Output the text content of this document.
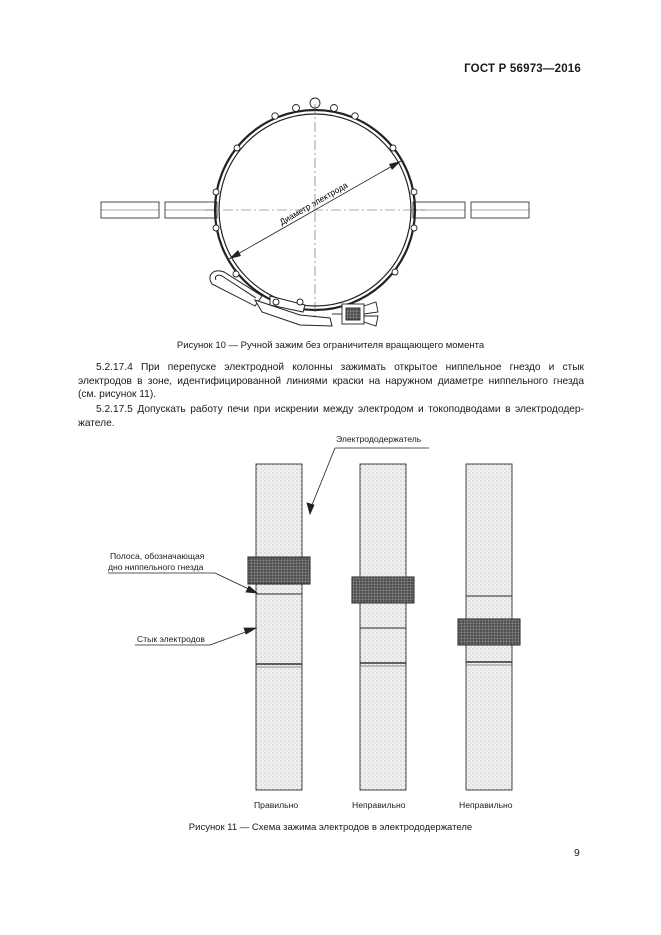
ГОСТ Р 56973—2016
Диаметр электрода
Рисунок 10 — Ручной зажим без ограничителя вращающего момента
5.2.17.4 При перепуске электродной колонны зажимать открытое ниппельное гнездо и стык
электродов в зоне, идентифицированной линиями краски на наружном диаметре ниппельного гнезда
(см. рисунок 11).
5.2.17.5 Допускать работу печи при искрении между электродом и токоподводами в электрододер-
жателе.
Электрододержатель
Полоса, обозначающая
дно ниппельного гнезда
Стык электродов
Правильно	Неправильно	Неправильно
Рисунок 11 — Схема зажима электродов в электрододержателе
9
